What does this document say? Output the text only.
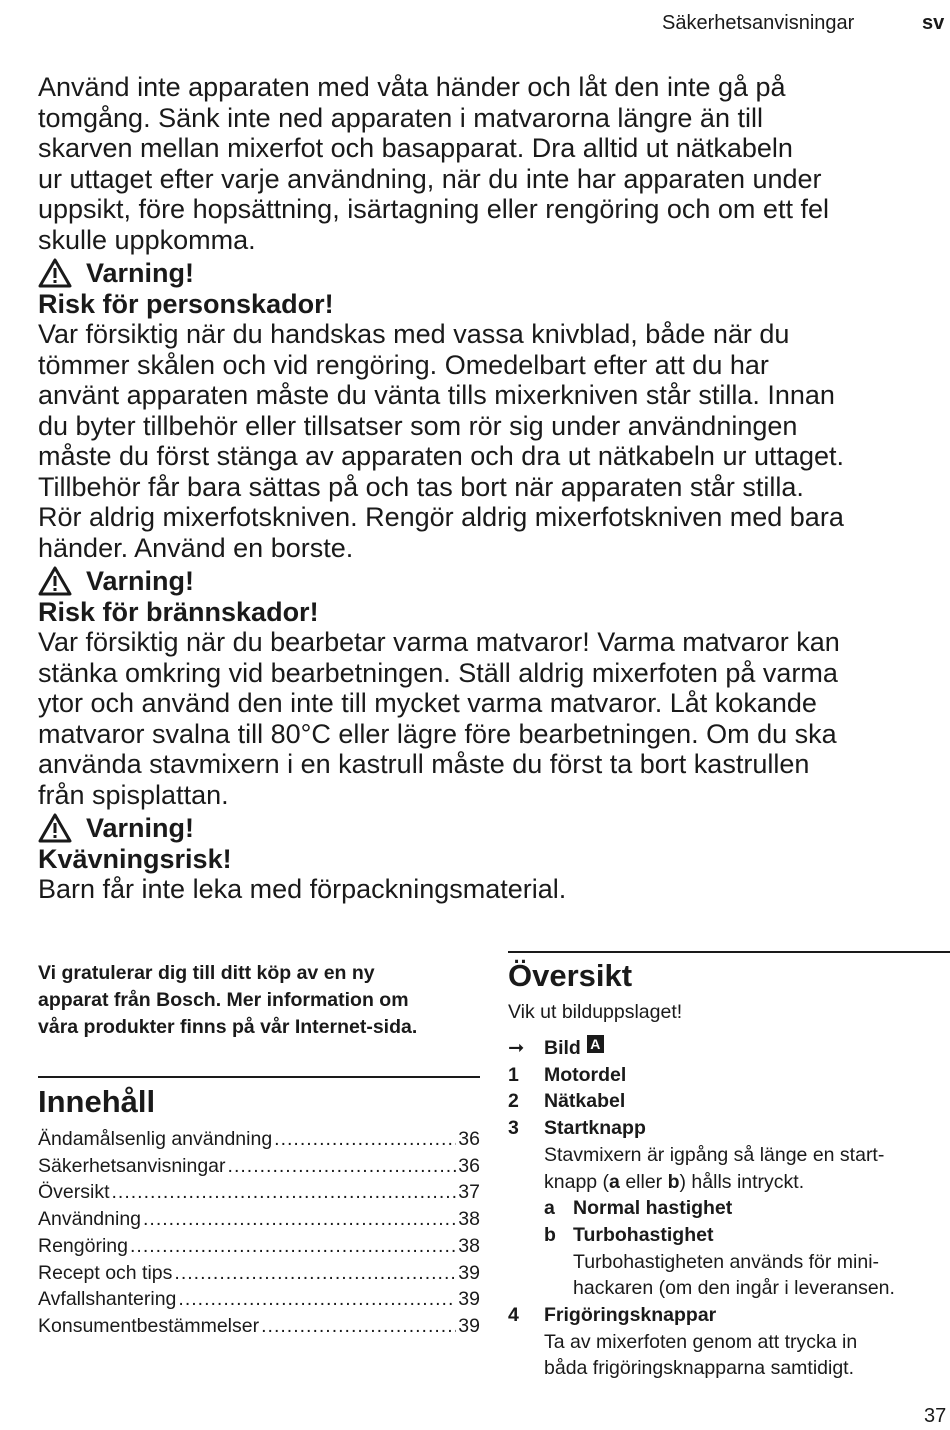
Säkerhetsanvisningar	sv

Använd inte apparaten med våta händer och låt den inte gå på

tomgång. Sänk inte ned apparaten i matvarorna längre än till

skarven mellan mixerfot och basapparat. Dra alltid ut nätkabeln

ur uttaget efter varje användning, när du inte har apparaten under

uppsikt, före hopsättning, isärtagning eller rengöring och om ett fel

skulle uppkomma.

Varning!
Risk för personskador!

Var försiktig när du handskas med vassa knivblad, både när du

tömmer skålen och vid rengöring. Omedelbart efter att du har

använt apparaten måste du vänta tills mixerkniven står stilla. Innan

du byter tillbehör eller tillsatser som rör sig under användningen

måste du först stänga av apparaten och dra ut nätkabeln ur uttaget.

Tillbehör får bara sättas på och tas bort när apparaten står stilla.

Rör aldrig mixerfotskniven. Rengör aldrig mixerfotskniven med bara

händer. Använd en borste.

Varning!
Risk för brännskador!

Var försiktig när du bearbetar varma matvaror! Varma matvaror kan

stänka omkring vid bearbetningen. Ställ aldrig mixerfoten på varma

ytor och använd den inte till mycket varma matvaror. Låt kokande

matvaror svalna till 80°C eller lägre före bearbetningen. Om du ska

använda stavmixern i en kastrull måste du först ta bort kastrullen

från spisplattan.

Varning!
Kvävningsrisk!

Barn får inte leka med förpackningsmaterial.

Vi gratulerar dig till ditt köp av en ny
apparat från Bosch. Mer information om
våra produkter finns på vår Internet-sida.
Innehåll
Ändamålsenlig användning .....	36
Säkerhetsanvisningar .....	36
Översikt .....	37
Användning .....	38
Rengöring .....	38
Recept och tips .....	39
Avfallshantering .....	39
Konsumentbestämmelser .....	39
Översikt
Vik ut bilduppslaget!
➞	Bild A
1	Motordel
2	Nätkabel
3	Startknapp
Stavmixern är igpång så länge en start-
knapp (a eller b) hålls intryckt.
a Normal hastighet
b Turbohastighet
Turbohastigheten används för mini-
hackaren (om den ingår i leveransen.
4	Frigöringsknappar
Ta av mixerfoten genom att trycka in
båda frigöringsknapparna samtidigt.
37
